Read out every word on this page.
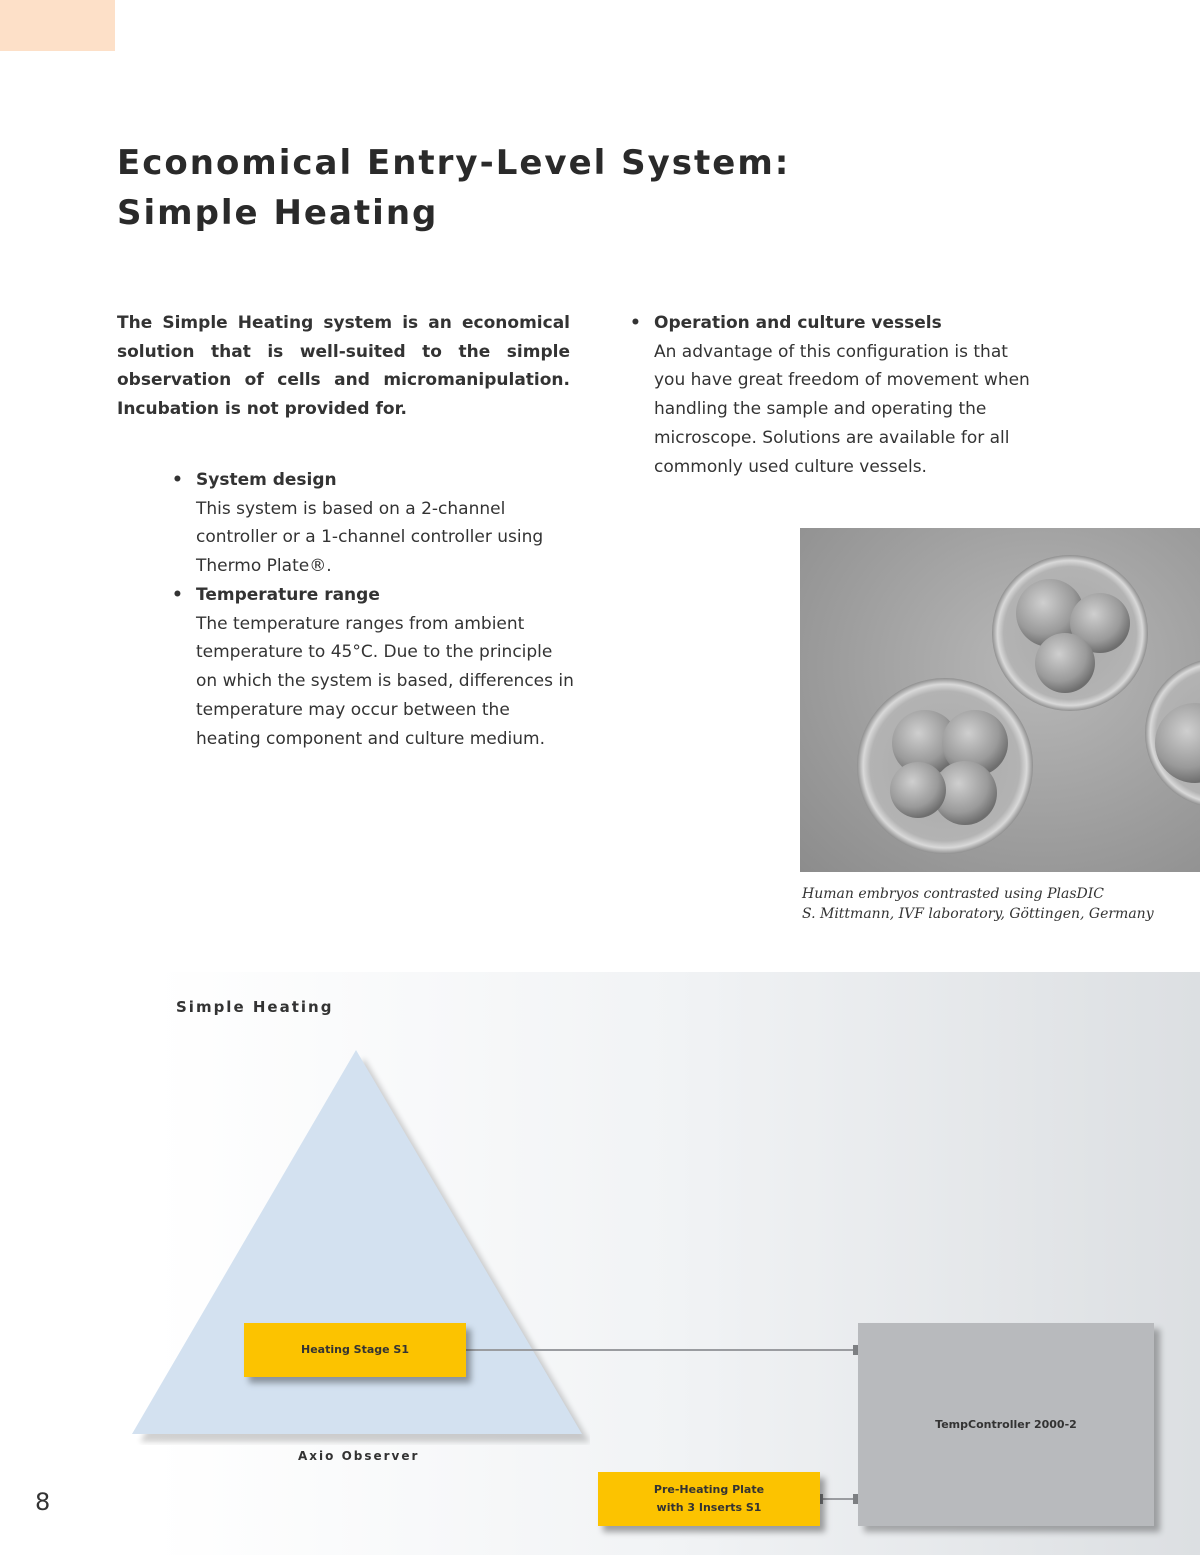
Economical Entry-Level System:
Simple Heating

The Simple Heating system is an economical solution that is well-suited to the simple observation of cells and micromanipulation. Incubation is not provided for.

• System design
This system is based on a 2-channel controller or a 1-channel controller using Thermo Plate®.
• Temperature range
The temperature ranges from ambient temperature to 45°C. Due to the principle on which the system is based, differences in temperature may occur between the heating component and culture medium.
• Operation and culture vessels
An advantage of this configuration is that you have great freedom of movement when handling the sample and operating the microscope. Solutions are available for all commonly used culture vessels.
Human embryos contrasted using PlasDIC
S. Mittmann, IVF laboratory, Göttingen, Germany
Simple Heating
Heating Stage S1
Axio Observer
TempController 2000-2
Pre-Heating Plate
with 3 Inserts S1
8
